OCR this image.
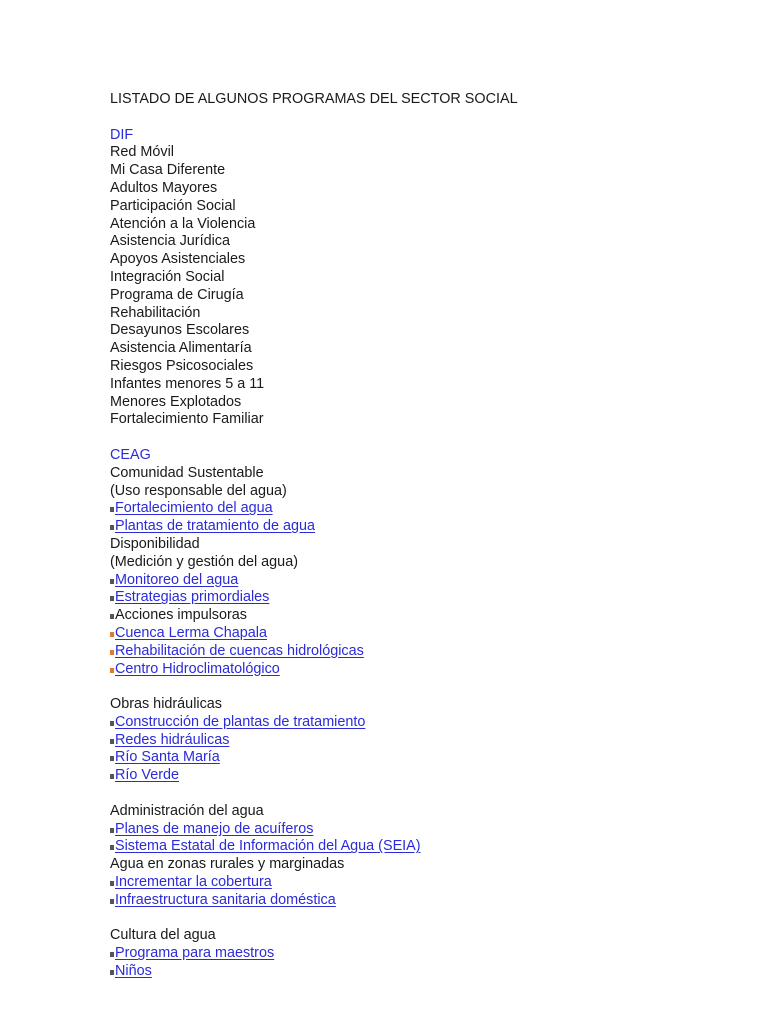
LISTADO DE ALGUNOS PROGRAMAS DEL SECTOR SOCIAL
DIF
Red Móvil
Mi Casa Diferente
Adultos Mayores
Participación Social
Atención a la Violencia
Asistencia Jurídica
Apoyos Asistenciales
Integración Social
Programa de Cirugía
Rehabilitación
Desayunos Escolares
Asistencia Alimentaría
Riesgos Psicosociales
Infantes menores 5 a 11
Menores Explotados
Fortalecimiento Familiar
CEAG
Comunidad Sustentable
(Uso responsable del agua)
Fortalecimiento del agua
Plantas de tratamiento de agua
Disponibilidad
(Medición y gestión del agua)
Monitoreo del agua
Estrategias primordiales
Acciones impulsoras
Cuenca Lerma Chapala
Rehabilitación de cuencas hidrológicas
Centro Hidroclimatológico
Obras hidráulicas
Construcción de plantas de tratamiento
Redes hidráulicas
Río Santa María
Río Verde
Administración del agua
Planes de manejo de acuíferos
Sistema Estatal de Información del Agua (SEIA)
Agua en zonas rurales y marginadas
Incrementar la cobertura
Infraestructura sanitaria doméstica
Cultura del agua
Programa para maestros
Niños
